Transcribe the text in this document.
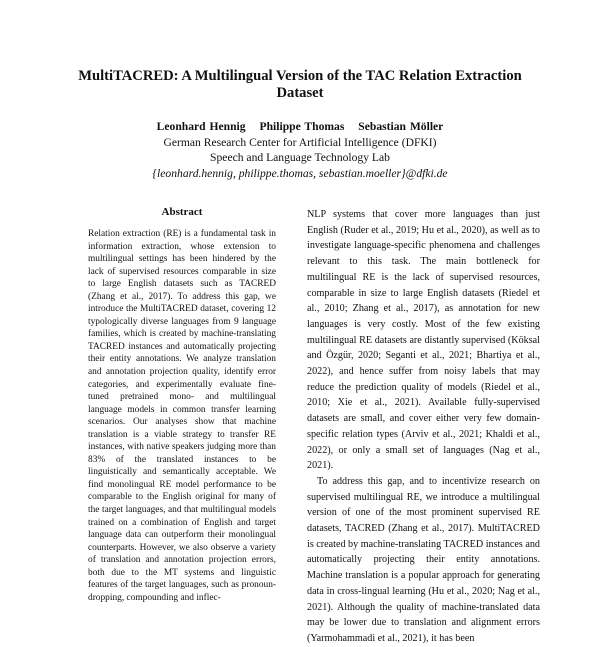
MultiTACRED: A Multilingual Version of the TAC Relation Extraction Dataset
Leonhard Hennig Philippe Thomas Sebastian Möller
German Research Center for Artificial Intelligence (DFKI)
Speech and Language Technology Lab
{leonhard.hennig, philippe.thomas, sebastian.moeller}@dfki.de
Abstract

Relation extraction (RE) is a fundamental task in information extraction, whose extension to multilingual settings has been hindered by the lack of supervised resources comparable in size to large English datasets such as TACRED (Zhang et al., 2017). To address this gap, we introduce the MultiTACRED dataset, covering 12 typologically diverse languages from 9 language families, which is created by machine-translating TACRED instances and automatically projecting their entity annotations. We analyze translation and annotation projection quality, identify error categories, and experimentally evaluate fine-tuned pretrained mono- and multilingual language models in common transfer learning scenarios. Our analyses show that machine translation is a viable strategy to transfer RE instances, with native speakers judging more than 83% of the translated instances to be linguistically and semantically acceptable. We find monolingual RE model performance to be comparable to the English original for many of the target languages, and that multilingual models trained on a combination of English and target language data can outperform their monolingual counterparts. However, we also observe a variety of translation and annotation projection errors, both due to the MT systems and linguistic features of the target languages, such as pronoun-dropping, compounding and inflec-

NLP systems that cover more languages than just English (Ruder et al., 2019; Hu et al., 2020), as well as to investigate language-specific phenomena and challenges relevant to this task. The main bottleneck for multilingual RE is the lack of supervised resources, comparable in size to large English datasets (Riedel et al., 2010; Zhang et al., 2017), as annotation for new languages is very costly. Most of the few existing multilingual RE datasets are distantly supervised (Köksal and Özgür, 2020; Seganti et al., 2021; Bhartiya et al., 2022), and hence suffer from noisy labels that may reduce the prediction quality of models (Riedel et al., 2010; Xie et al., 2021). Available fully-supervised datasets are small, and cover either very few domain-specific relation types (Arviv et al., 2021; Khaldi et al., 2022), or only a small set of languages (Nag et al., 2021).

To address this gap, and to incentivize research on supervised multilingual RE, we introduce a multilingual version of one of the most prominent supervised RE datasets, TACRED (Zhang et al., 2017). MultiTACRED is created by machine-translating TACRED instances and automatically projecting their entity annotations. Machine translation is a popular approach for generating data in cross-lingual learning (Hu et al., 2020; Nag et al., 2021). Although the quality of machine-translated data may be lower due to translation and alignment errors (Yarmohammadi et al., 2021), it has been
